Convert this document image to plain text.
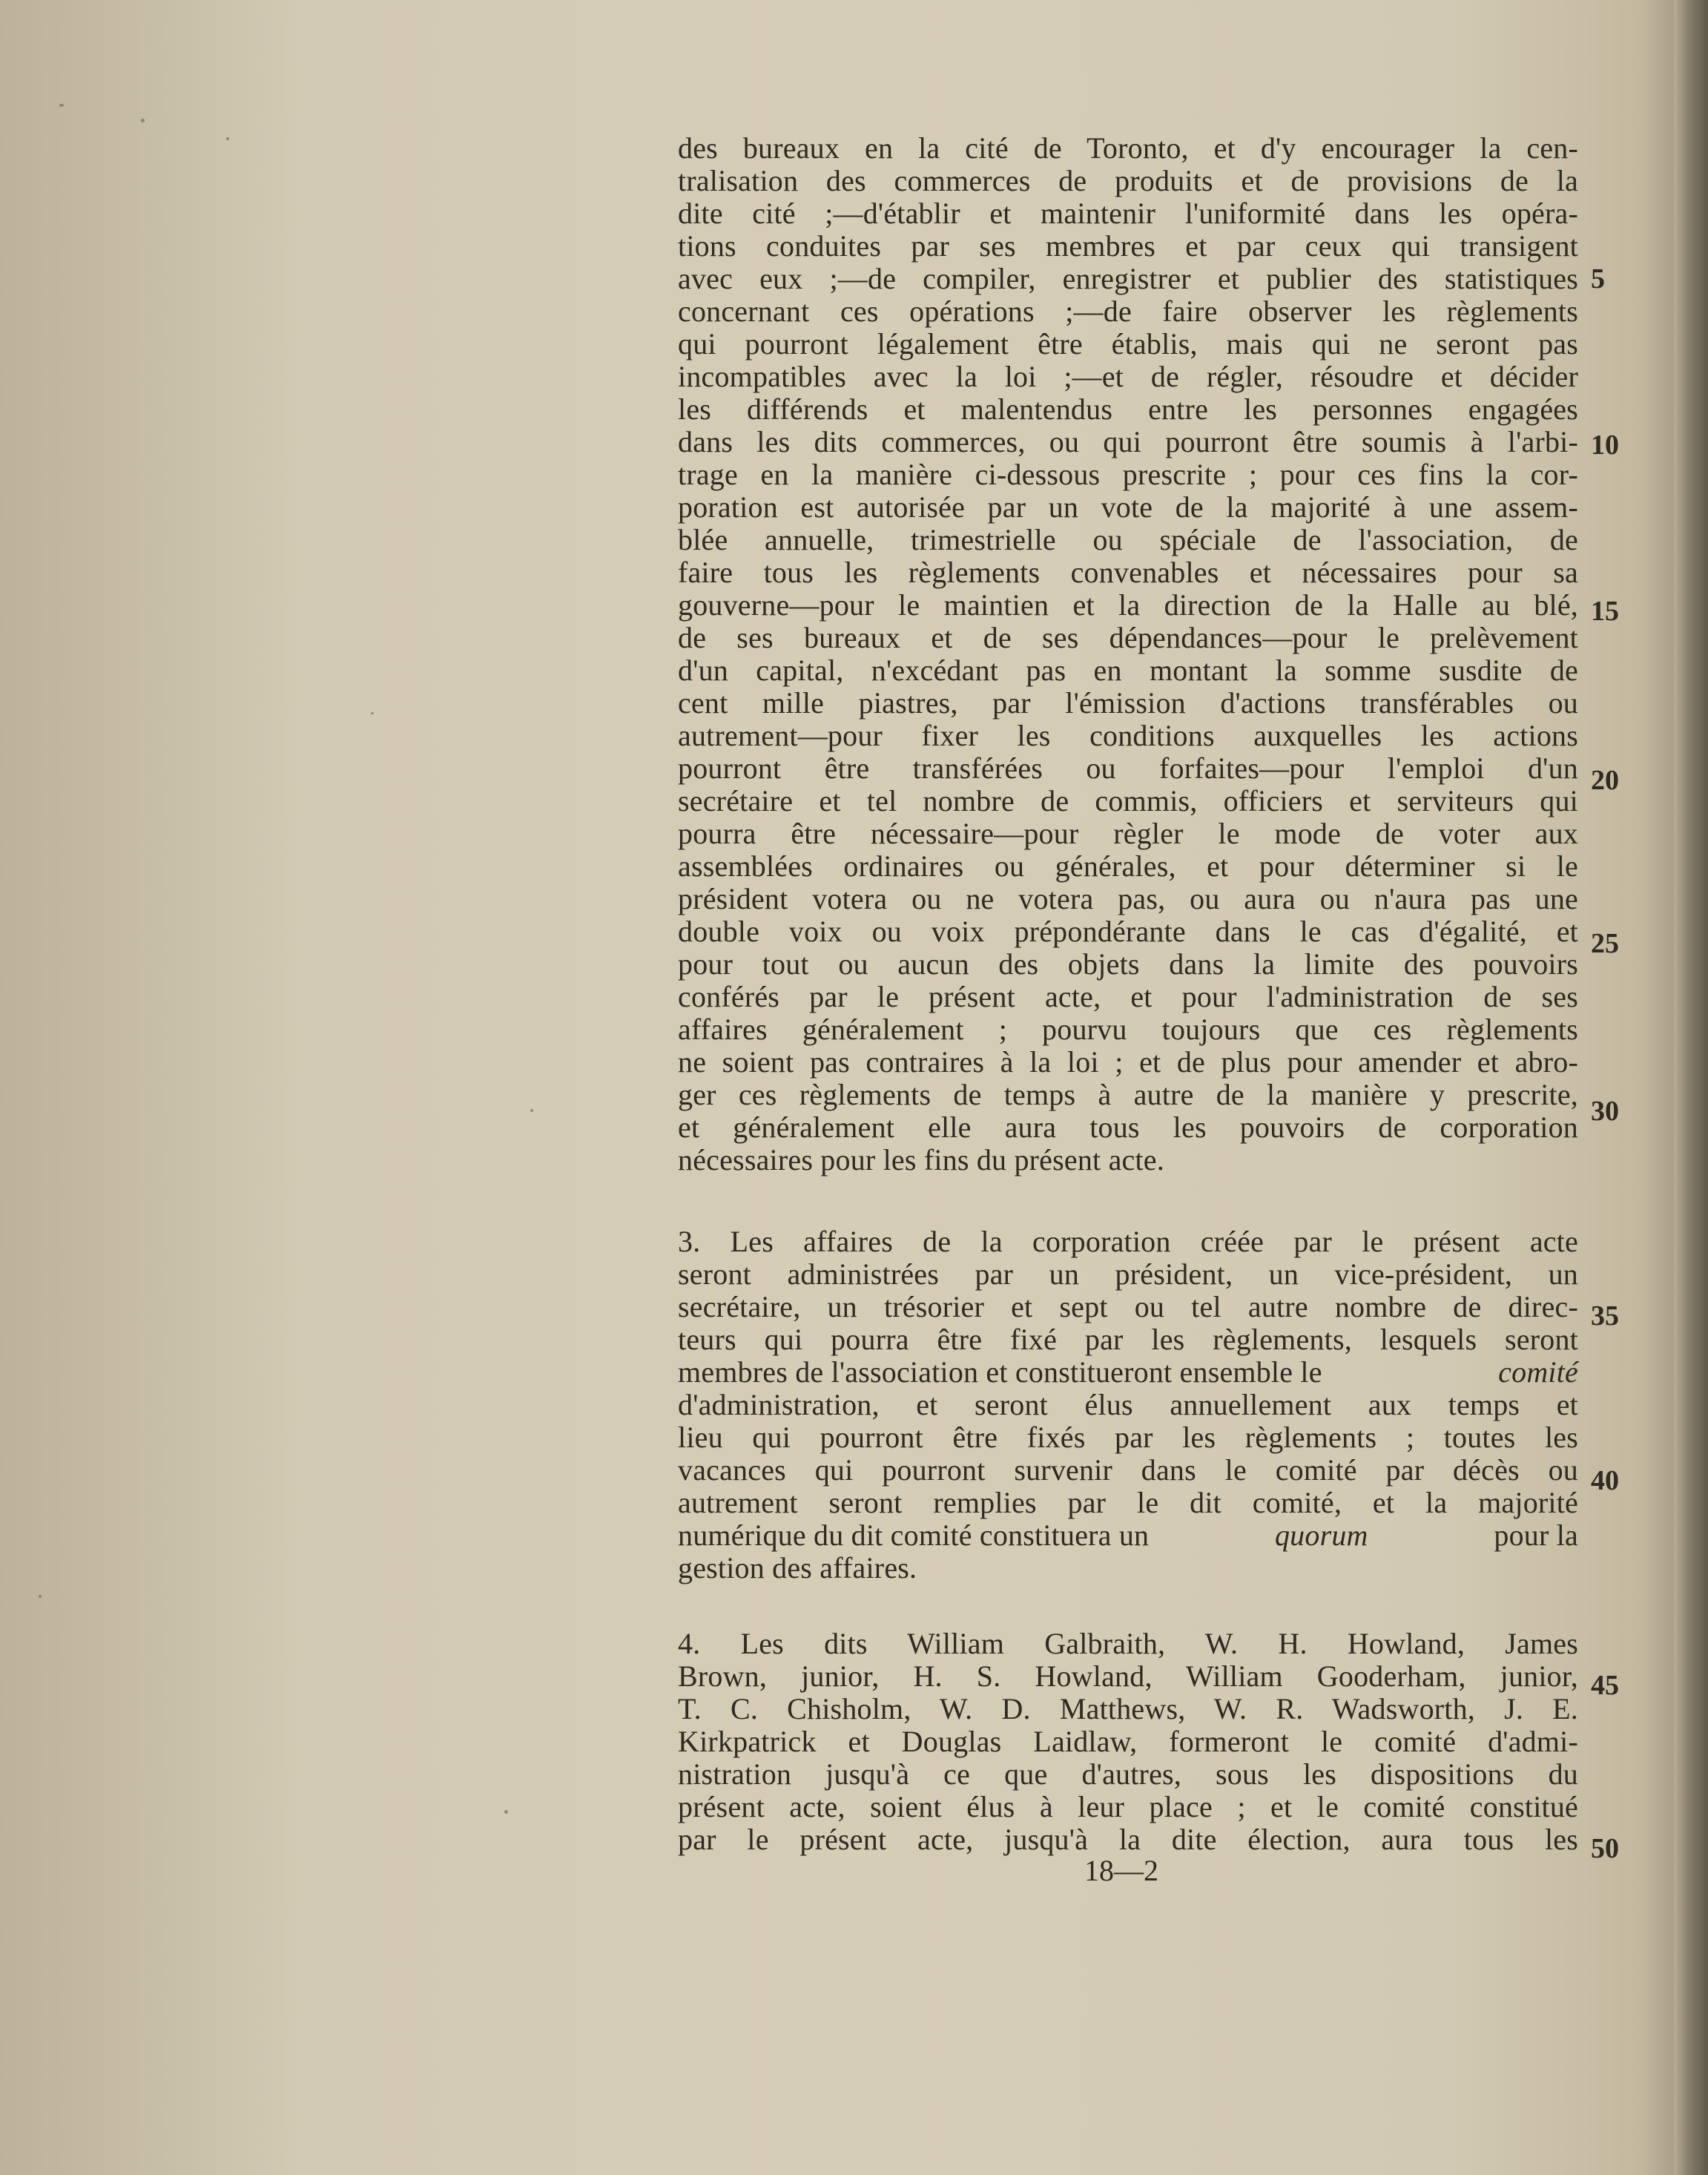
des bureaux en la cité de Toronto, et d'y encourager la cen-
tralisation des commerces de produits et de provisions de la
dite cité ;—d'établir et maintenir l'uniformité dans les opéra-
tions conduites par ses membres et par ceux qui transigent
avec eux ;—de compiler, enregistrer et publier des statistiques
concernant ces opérations ;—de faire observer les règlements
qui pourront légalement être établis, mais qui ne seront pas
incompatibles avec la loi ;—et de régler, résoudre et décider
les différends et malentendus entre les personnes engagées
dans les dits commerces, ou qui pourront être soumis à l'arbi-
trage en la manière ci-dessous prescrite ; pour ces fins la cor-
poration est autorisée par un vote de la majorité à une assem-
blée annuelle, trimestrielle ou spéciale de l'association, de
faire tous les règlements convenables et nécessaires pour sa
gouverne—pour le maintien et la direction de la Halle au blé,
de ses bureaux et de ses dépendances—pour le prelèvement
d'un capital, n'excédant pas en montant la somme susdite de
cent mille piastres, par l'émission d'actions transférables ou
autrement—pour fixer les conditions auxquelles les actions
pourront être transférées ou forfaites—pour l'emploi d'un
secrétaire et tel nombre de commis, officiers et serviteurs qui
pourra être nécessaire—pour règler le mode de voter aux
assemblées ordinaires ou générales, et pour déterminer si le
président votera ou ne votera pas, ou aura ou n'aura pas une
double voix ou voix prépondérante dans le cas d'égalité, et
pour tout ou aucun des objets dans la limite des pouvoirs
conférés par le présent acte, et pour l'administration de ses
affaires généralement ; pourvu toujours que ces règlements
ne soient pas contraires à la loi ; et de plus pour amender et abro-
ger ces règlements de temps à autre de la manière y prescrite,
et généralement elle aura tous les pouvoirs de corporation
nécessaires pour les fins du présent acte.
3. Les affaires de la corporation créée par le présent acte
seront administrées par un président, un vice-président, un
secrétaire, un trésorier et sept ou tel autre nombre de direc-
teurs qui pourra être fixé par les règlements, lesquels seront
membres de l'association et constitueront ensemble le	comité
d'administration, et seront élus annuellement aux temps et
lieu qui pourront être fixés par les règlements ; toutes les
vacances qui pourront survenir dans le comité par décès ou
autrement seront remplies par le dit comité, et la majorité
numérique du dit comité constituera un	quorum	pour la
gestion des affaires.
4. Les dits William Galbraith, W. H. Howland, James
Brown, junior, H. S. Howland, William Gooderham, junior,
T. C. Chisholm, W. D. Matthews, W. R. Wadsworth, J. E.
Kirkpatrick et Douglas Laidlaw, formeront le comité d'admi-
nistration jusqu'à ce que d'autres, sous les dispositions du
présent acte, soient élus à leur place ; et le comité constitué
par le présent acte, jusqu'à la dite élection, aura tous les
5
10
15
20
25
30
35
40
45
50
18—2
